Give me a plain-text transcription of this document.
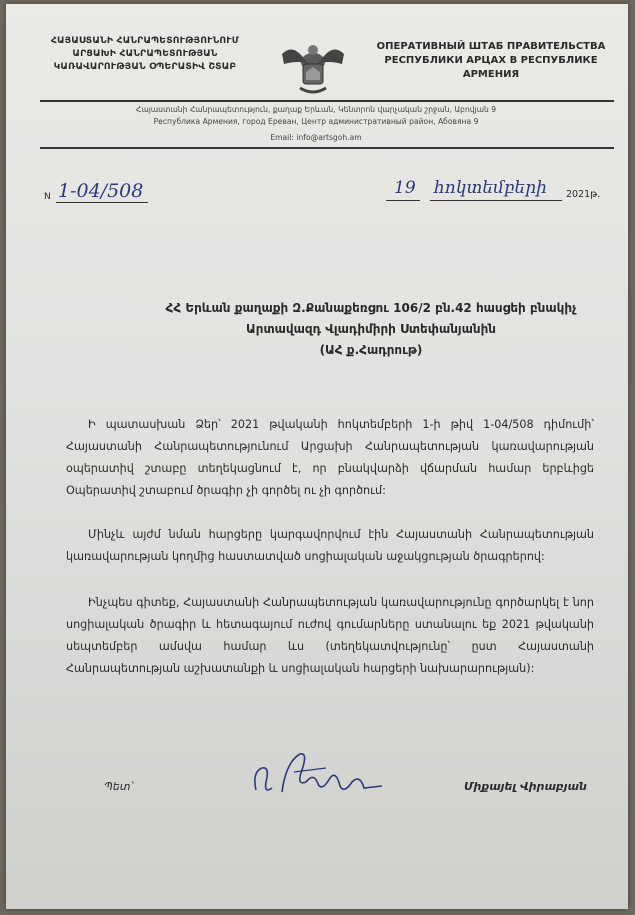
ՀԱՅԱՍՏԱՆԻ ՀԱՆՐԱՊԵՏՈՒԹՅՈՒՆՈՒՄ
ԱՐՑԱԽԻ ՀԱՆՐԱՊԵՏՈՒԹՅԱՆ
ԿԱՌԱՎԱՐՈՒԹՅԱՆ ՕՊԵՐԱՏԻՎ ՇՏԱԲ
ОПЕРАТИВНЫЙ ШТАБ ПРАВИТЕЛЬСТВА
РЕСПУБЛИКИ АРЦАХ В РЕСПУБЛИКЕ
АРМЕНИЯ
Հայաստանի Հանրապետություն, քաղաք Երևան, Կենտրոն վարչական շրջան, Աբովյան 9
Республика Армения, город Ереван, Центр административный район, Абовяна 9
Email: info@artsgoh.am
N 1-04/508	19 հոկտեմբերի 2021թ.
ՀՀ Երևան քաղաքի Զ.Քանաքեռցու 106/2 բն.42 հասցեի բնակիչ
Արտավազդ Վլադիմիրի Ստեփանյանին
(ԱՀ ք.Հադրութ)

Ի պատասխան Ձեր՝ 2021 թվականի հոկտեմբերի 1-ի թիվ 1-04/508 դիմումի՝ Հայաստանի Հանրապետությունում Արցախի Հանրապետության կառավարության օպերատիվ շտաբը տեղեկացնում է, որ բնակվարձի վճարման համար երբևիցե Օպերատիվ շտաբում ծրագիր չի գործել ու չի գործում:

Մինչև այժմ նման հարցերը կարգավորվում էին Հայաստանի Հանրապետության կառավարության կողմից հաստատված սոցիալական աջակցության ծրագրերով:

Ինչպես գիտեք, Հայաստանի Հանրապետության կառավարությունը գործարկել է նոր սոցիալական ծրագիր և հետագայում ուժով գումարները ստանալու եք 2021 թվականի սեպտեմբեր ամսվա համար ևս (տեղեկատվությունը՝ ըստ Հայաստանի Հանրապետության աշխատանքի և սոցիալական հարցերի նախարարության):

Պետ՝	Միքայել Վիրաբյան
